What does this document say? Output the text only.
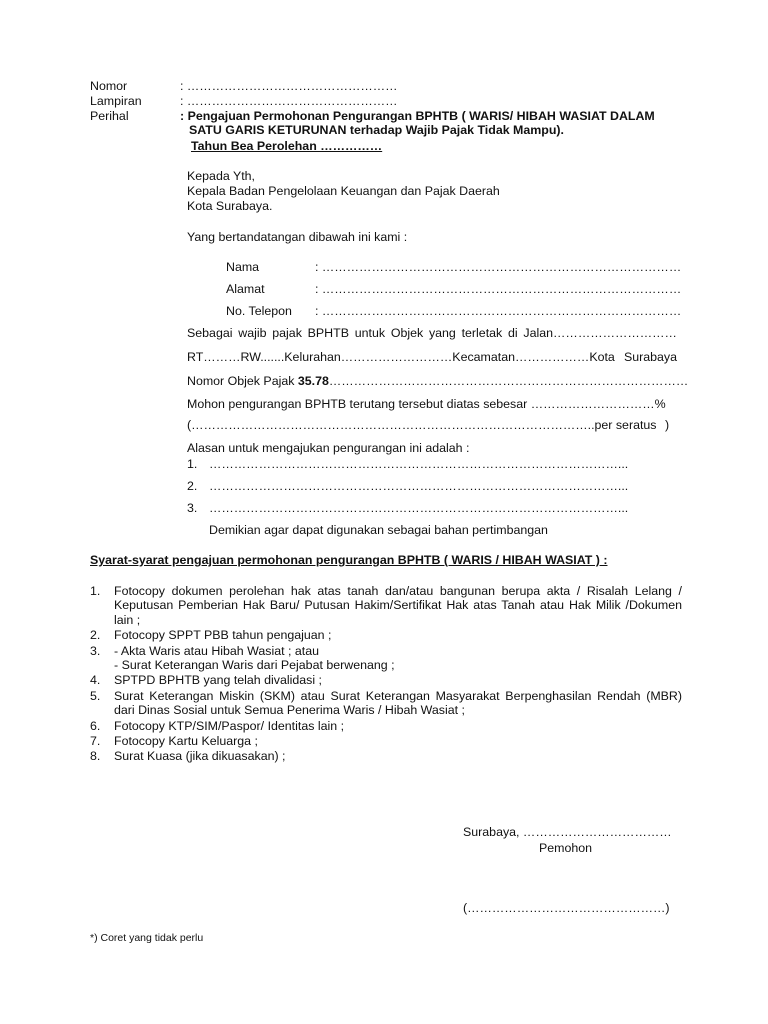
Nomor	: ……………………………………………
Lampiran	: ……………………………………………
Perihal	: Pengajuan Permohonan Pengurangan BPHTB ( WARIS/ HIBAH WASIAT DALAM
SATU GARIS KETURUNAN terhadap Wajib Pajak Tidak Mampu).
Tahun Bea Perolehan ……………
Kepada Yth,
Kepala Badan Pengelolaan Keuangan dan Pajak Daerah
Kota Surabaya.
Yang bertandatangan dibawah ini kami :
Nama	: ……………………………………………………………………………
Alamat	: ……………………………………………………………………………
No. Telepon : ……………………………………………………………………………
Sebagai wajib pajak BPHTB untuk Objek yang terletak di Jalan…………………………
RT………RW.......Kelurahan………………………Kecamatan………………Kota Surabaya
Nomor Objek Pajak 35.78……………………………………………………………………………
Mohon pengurangan BPHTB terutang tersebut diatas sebesar …………………………%
(……………………………………………………………………………………..per seratus )
Alasan untuk mengajukan pengurangan ini adalah :
1. ………………………………………………………………………………………...
2. ………………………………………………………………………………………...
3. ………………………………………………………………………………………...
Demikian agar dapat digunakan sebagai bahan pertimbangan
Syarat-syarat pengajuan permohonan pengurangan BPHTB ( WARIS / HIBAH WASIAT ) :
1. Fotocopy dokumen perolehan hak atas tanah dan/atau bangunan berupa akta / Risalah Lelang / Keputusan Pemberian Hak Baru/ Putusan Hakim/Sertifikat Hak atas Tanah atau Hak Milik /Dokumen lain ;
2. Fotocopy SPPT PBB tahun pengajuan ;
3. - Akta Waris atau Hibah Wasiat ; atau
- Surat Keterangan Waris dari Pejabat berwenang ;
4. SPTPD BPHTB yang telah divalidasi ;
5. Surat Keterangan Miskin (SKM) atau Surat Keterangan Masyarakat Berpenghasilan Rendah (MBR) dari Dinas Sosial untuk Semua Penerima Waris / Hibah Wasiat ;
6. Fotocopy KTP/SIM/Paspor/ Identitas lain ;
7. Fotocopy Kartu Keluarga ;
8. Surat Kuasa (jika dikuasakan) ;
Surabaya, ………………………………
Pemohon
(…………………………………………)
*) Coret yang tidak perlu
